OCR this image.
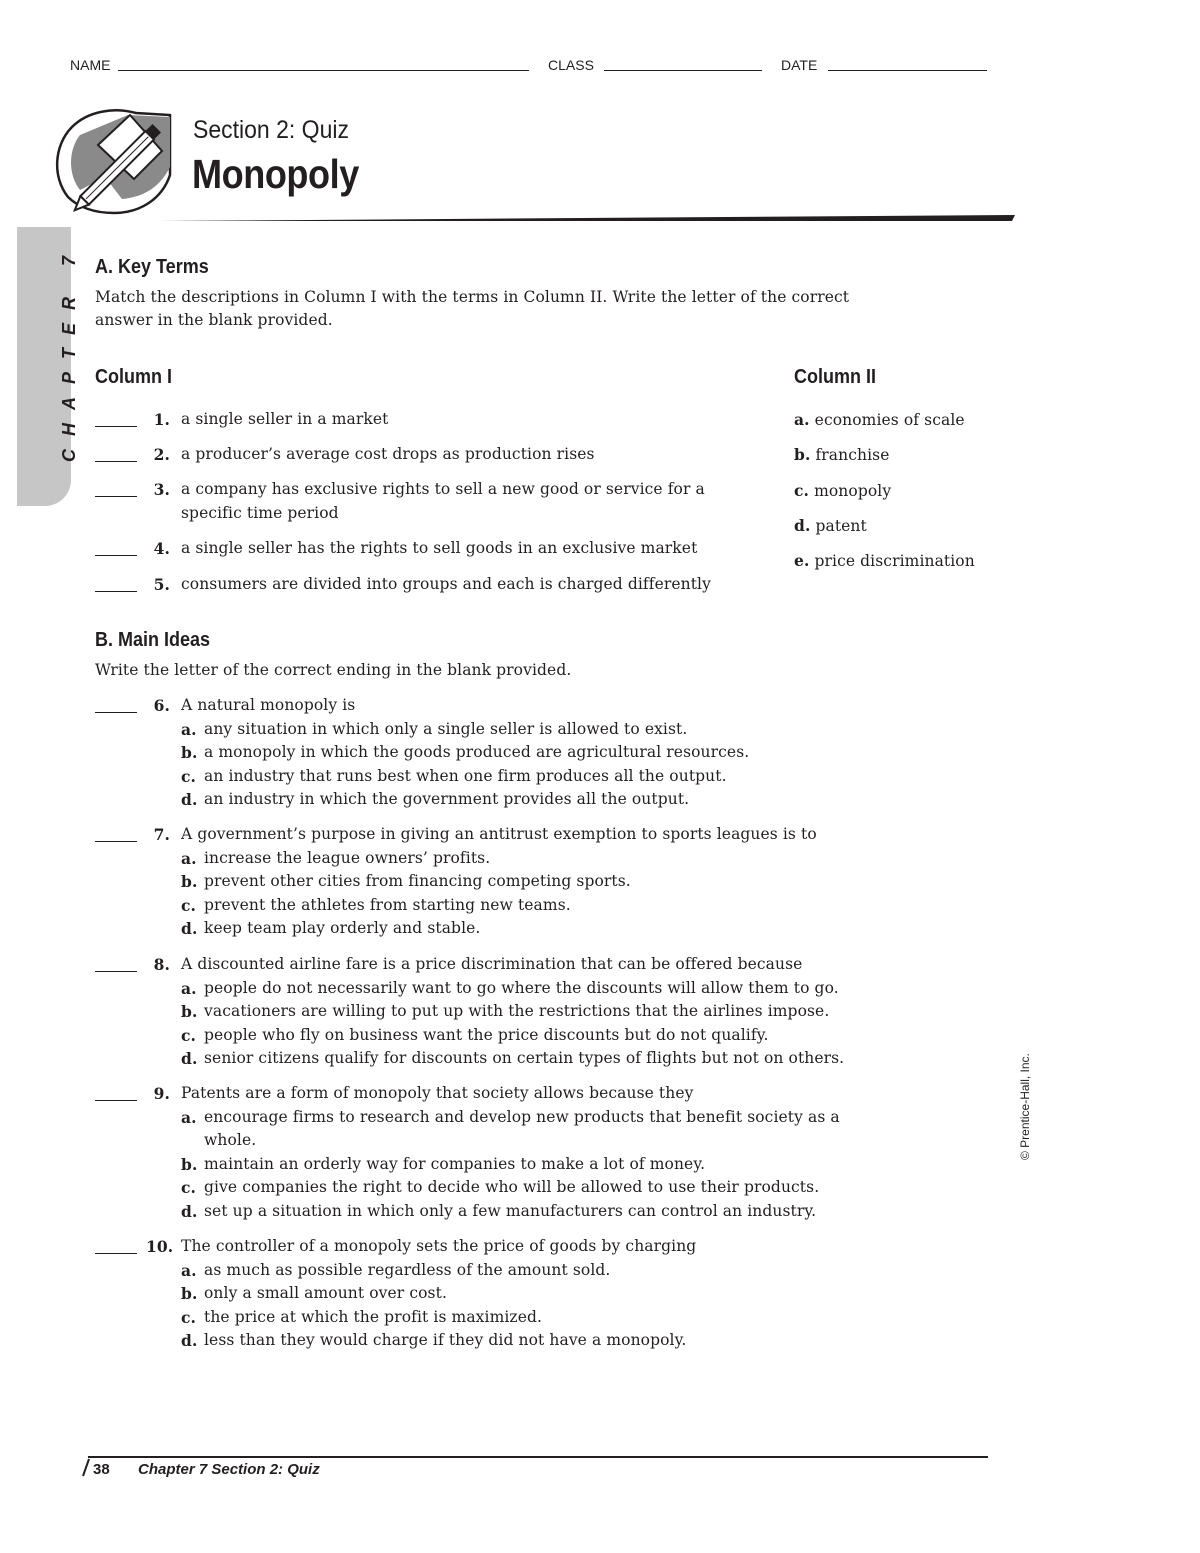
NAME	CLASS	DATE
Section 2: Quiz
Monopoly
CHAPTER 7 A. Key Terms
Match the descriptions in Column I with the terms in Column II. Write the letter of the correct
answer in the blank provided.
Column I	Column II
1. a single seller in a market
2. a producer’s average cost drops as production rises
3. a company has exclusive rights to sell a new good or service for a
specific time period
4. a single seller has the rights to sell goods in an exclusive market
5. consumers are divided into groups and each is charged differently
a. economies of scale
b. franchise
c. monopoly
d. patent
e. price discrimination
B. Main Ideas
Write the letter of the correct ending in the blank provided.
6. A natural monopoly is
a. any situation in which only a single seller is allowed to exist.
b. a monopoly in which the goods produced are agricultural resources.
c. an industry that runs best when one firm produces all the output.
d. an industry in which the government provides all the output.
7. A government’s purpose in giving an antitrust exemption to sports leagues is to
a. increase the league owners’ profits.
b. prevent other cities from financing competing sports.
c. prevent the athletes from starting new teams.
d. keep team play orderly and stable.
8. A discounted airline fare is a price discrimination that can be offered because
a. people do not necessarily want to go where the discounts will allow them to go.
b. vacationers are willing to put up with the restrictions that the airlines impose.
c. people who fly on business want the price discounts but do not qualify.
d. senior citizens qualify for discounts on certain types of flights but not on others.
9. Patents are a form of monopoly that society allows because they
a. encourage firms to research and develop new products that benefit society as a
whole.
b. maintain an orderly way for companies to make a lot of money.
c. give companies the right to decide who will be allowed to use their products.
d. set up a situation in which only a few manufacturers can control an industry.
10. The controller of a monopoly sets the price of goods by charging
a. as much as possible regardless of the amount sold.
b. only a small amount over cost.
c. the price at which the profit is maximized.
d. less than they would charge if they did not have a monopoly.
© Prentice-Hall, Inc.
38 Chapter 7 Section 2: Quiz
